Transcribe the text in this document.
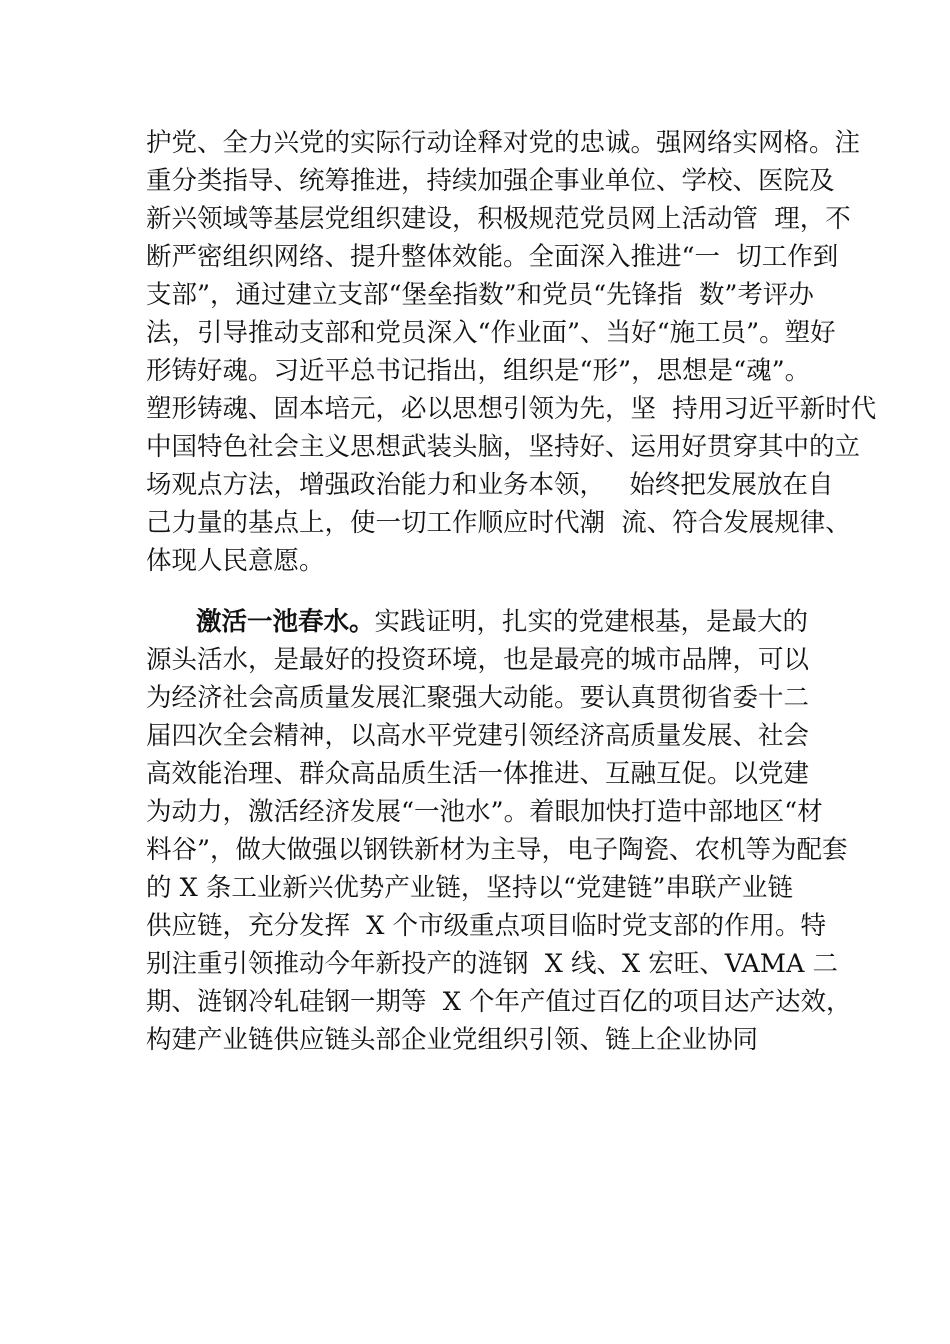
护党、全力兴党的实际行动诠释对党的忠诚。强网络实网格。注
重分类指导、统筹推进，持续加强企事业单位、学校、医院及
新兴领域等基层党组织建设，积极规范党员网上活动管  理，不
断严密组织网络、提升整体效能。全面深入推进“一  切工作到
支部”，通过建立支部“堡垒指数”和党员“先锋指  数”考评办
法，引导推动支部和党员深入“作业面”、当好“施工员”。塑好
形铸好魂。习近平总书记指出，组织是“形”，思想是“魂”。
塑形铸魂、固本培元，必以思想引领为先，坚  持用习近平新时代
中国特色社会主义思想武装头脑，坚持好、运用好贯穿其中的立
场观点方法，增强政治能力和业务本领，   始终把发展放在自
己力量的基点上，使一切工作顺应时代潮  流、符合发展规律、
体现人民意愿。
激活一池春水。实践证明，扎实的党建根基，是最大的
源头活水，是最好的投资环境，也是最亮的城市品牌，可以
为经济社会高质量发展汇聚强大动能。要认真贯彻省委十二
届四次全会精神，以高水平党建引领经济高质量发展、社会
高效能治理、群众高品质生活一体推进、互融互促。以党建
为动力，激活经济发展“一池水”。着眼加快打造中部地区“材
料谷”，做大做强以钢铁新材为主导，电子陶瓷、农机等为配套
的 X 条工业新兴优势产业链，坚持以“党建链”串联产业链
供应链，充分发挥  X 个市级重点项目临时党支部的作用。特
别注重引领推动今年新投产的涟钢  X 线、X 宏旺、VAMA 二
期、涟钢冷轧硅钢一期等  X 个年产值过百亿的项目达产达效，
构建产业链供应链头部企业党组织引领、链上企业协同
